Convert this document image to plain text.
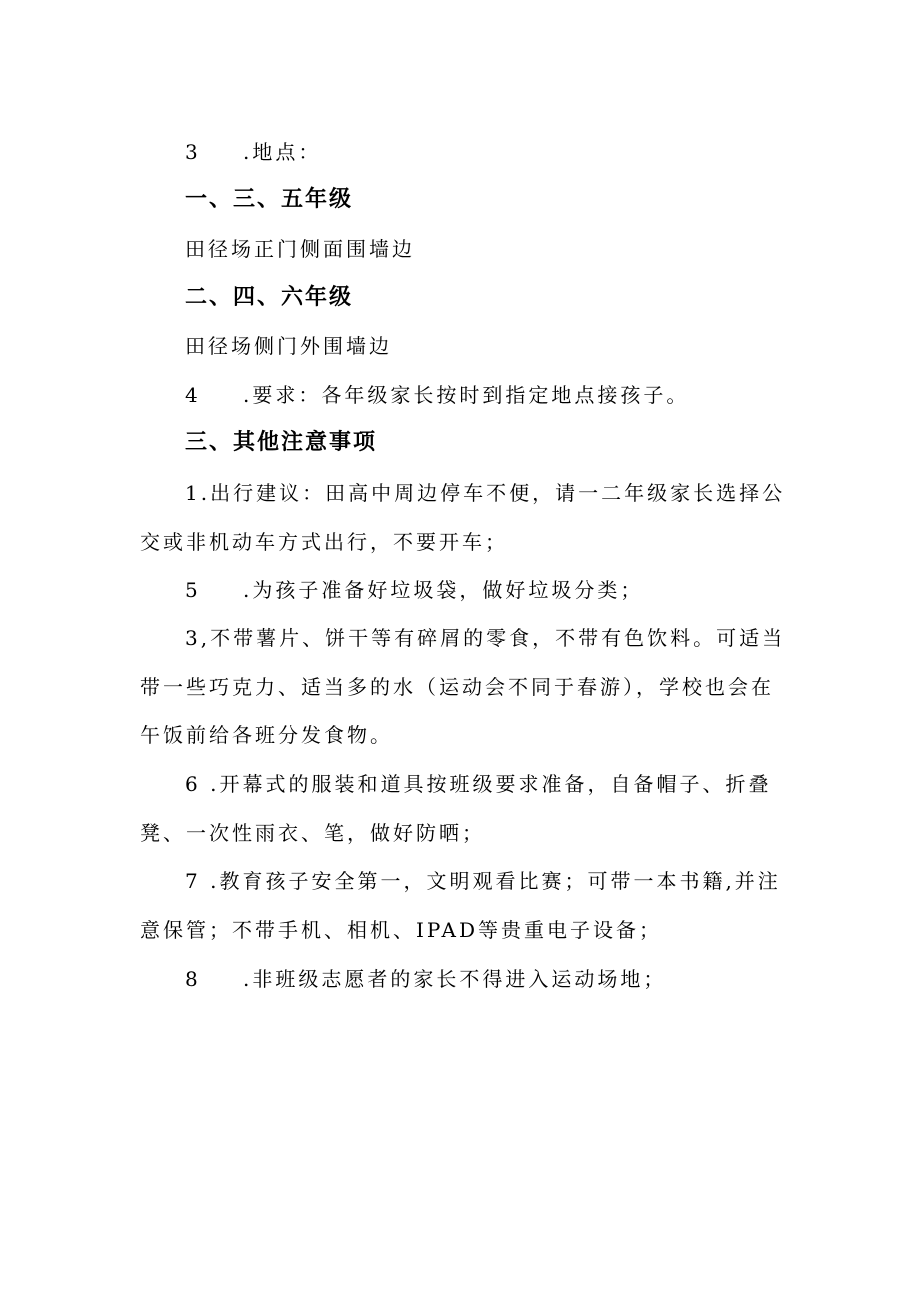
3 .地点：
一、三、五年级
田径场正门侧面围墙边
二、四、六年级
田径场侧门外围墙边
4 .要求：各年级家长按时到指定地点接孩子。
三、其他注意事项
1.出行建议：田高中周边停车不便，请一二年级家长选择公
交或非机动车方式出行，不要开车；
5 .为孩子准备好垃圾袋，做好垃圾分类；
3,不带薯片、饼干等有碎屑的零食，不带有色饮料。可适当
带一些巧克力、适当多的水（运动会不同于春游），学校也会在
午饭前给各班分发食物。
6 .开幕式的服装和道具按班级要求准备，自备帽子、折叠
凳、一次性雨衣、笔，做好防晒；
7 .教育孩子安全第一，文明观看比赛；可带一本书籍,并注
意保管；不带手机、相机、IPAD等贵重电子设备；
8 .非班级志愿者的家长不得进入运动场地；
